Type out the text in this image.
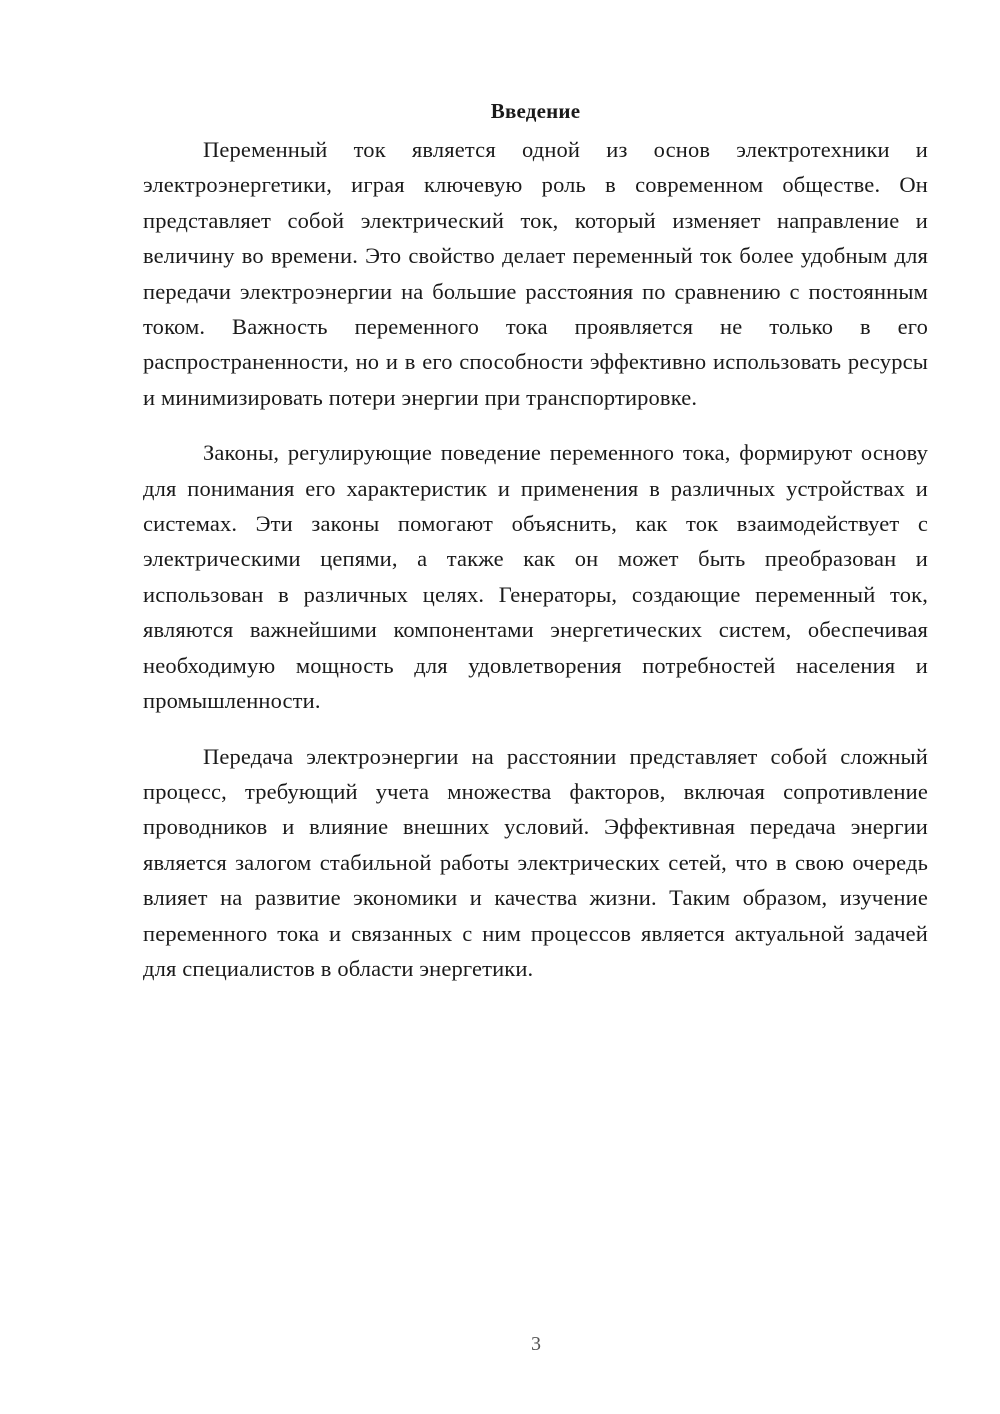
Введение

Переменный ток является одной из основ электротехники и электроэнергетики, играя ключевую роль в современном обществе. Он представляет собой электрический ток, который изменяет направление и величину во времени. Это свойство делает переменный ток более удобным для передачи электроэнергии на большие расстояния по сравнению с постоянным током. Важность переменного тока проявляется не только в его распространенности, но и в его способности эффективно использовать ресурсы и минимизировать потери энергии при транспортировке.

Законы, регулирующие поведение переменного тока, формируют основу для понимания его характеристик и применения в различных устройствах и системах. Эти законы помогают объяснить, как ток взаимодействует с электрическими цепями, а также как он может быть преобразован и использован в различных целях. Генераторы, создающие переменный ток, являются важнейшими компонентами энергетических систем, обеспечивая необходимую мощность для удовлетворения потребностей населения и промышленности.

Передача электроэнергии на расстоянии представляет собой сложный процесс, требующий учета множества факторов, включая сопротивление проводников и влияние внешних условий. Эффективная передача энергии является залогом стабильной работы электрических сетей, что в свою очередь влияет на развитие экономики и качества жизни. Таким образом, изучение переменного тока и связанных с ним процессов является актуальной задачей для специалистов в области энергетики.

3
